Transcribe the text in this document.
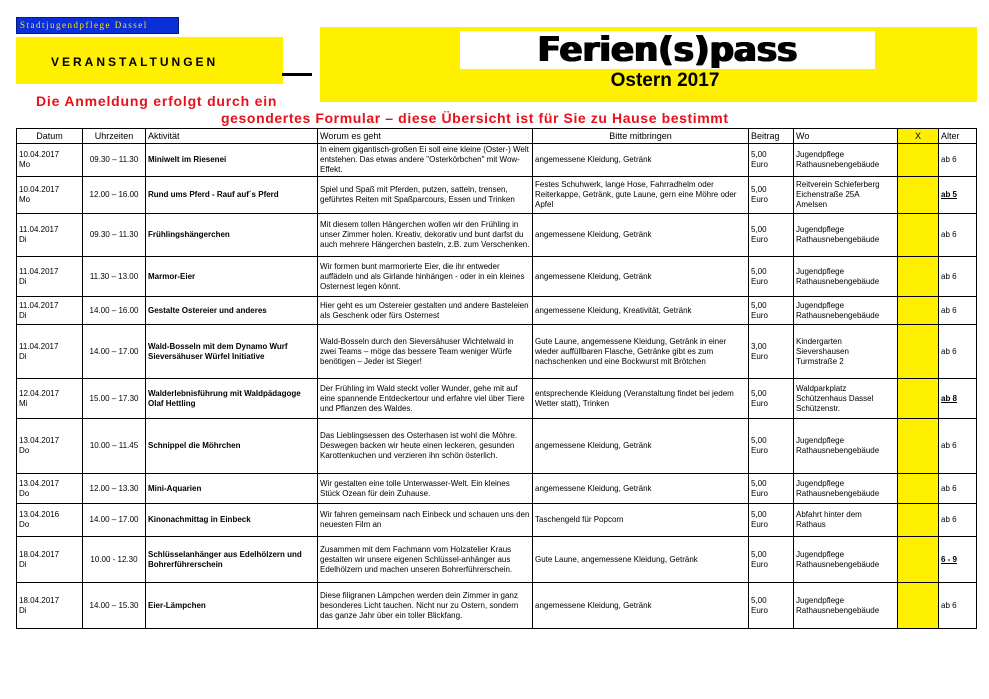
Stadtjugendpflege Dassel
VERANSTALTUNGEN	Ferien(s)pass
Ostern 2017
Die Anmeldung erfolgt durch ein
gesondertes Formular – diese Übersicht ist für Sie zu Hause bestimmt
Datum	Uhrzeiten	Aktivität	Worum es geht	Bitte mitbringen	Beitrag	Wo	X	Alter
10.04.2017
Mo	09.30 – 11.30	Miniwelt im Riesenei	In einem gigantisch-großen Ei soll eine kleine (Oster-) Welt entstehen. Das etwas andere "Osterkörbchen" mit Wow-Effekt.	angemessene Kleidung, Getränk	5,00
Euro	Jugendpflege
Rathausnebengebäude		ab 6
10.04.2017
Mo	12.00 – 16.00	Rund ums Pferd - Rauf auf´s Pferd	Spiel und Spaß mit Pferden, putzen, satteln, trensen, geführtes Reiten mit Spaßparcours, Essen und Trinken	Festes Schuhwerk, lange Hose, Fahrradhelm oder Reiterkappe, Getränk, gute Laune, gern eine Möhre oder Apfel	5,00
Euro	Reitverein Schieferberg
Eichenstraße 25A
Amelsen		ab 5
11.04.2017
Di	09.30 – 11.30	Frühlingshängerchen	Mit diesem tollen Hängerchen wollen wir den Frühling in unser Zimmer holen. Kreativ, dekorativ und bunt darfst du auch mehrere Hängerchen basteln, z.B. zum Verschenken.	angemessene Kleidung, Getränk	5,00
Euro	Jugendpflege
Rathausnebengebäude		ab 6
11.04.2017
Di	11.30 – 13.00	Marmor-Eier	Wir formen bunt marmorierte Eier, die ihr entweder auffädeln und als Girlande hinhängen - oder in ein kleines Osternest legen könnt.	angemessene Kleidung, Getränk	5,00
Euro	Jugendpflege
Rathausnebengebäude		ab 6
11.04.2017
Di	14.00 – 16.00	Gestalte Ostereier und anderes	Hier geht es um Ostereier gestalten und andere Basteleien als Geschenk oder fürs Osternest	angemessene Kleidung, Kreativität, Getränk	5,00
Euro	Jugendpflege
Rathausnebengebäude		ab 6
11.04.2017
Di	14.00 – 17.00	Wald-Bosseln mit dem Dynamo Wurf Sieversähuser Würfel Initiative	Wald-Bosseln durch den Sieversähuser Wichtelwald in zwei Teams – möge das bessere Team weniger Würfe benötigen – Jeder ist Sieger!	Gute Laune, angemessene Kleidung, Getränk in einer wieder auffüllbaren Flasche, Getränke gibt es zum nachschenken und eine Bockwurst mit Brötchen	3,00
Euro	Kindergarten
Sievershausen
Turmstraße 2		ab 6
12.04.2017
Mi	15.00 – 17.30	Walderlebnisführung mit Waldpädagoge Olaf Hettling	Der Frühling im Wald steckt voller Wunder, gehe mit auf eine spannende Entdeckertour und erfahre viel über Tiere und Pflanzen des Waldes.	entsprechende Kleidung (Veranstaltung findet bei jedem Wetter statt), Trinken	5,00
Euro	Waldparkplatz
Schützenhaus Dassel
Schützenstr.		ab 8
13.04.2017
Do	10.00 – 11.45	Schnippel die Möhrchen	Das Lieblingsessen des Osterhasen ist wohl die Möhre. Deswegen backen wir heute einen leckeren, gesunden Karottenkuchen und verzieren ihn schön österlich.	angemessene Kleidung, Getränk	5,00
Euro	Jugendpflege
Rathausnebengebäude		ab 6
13.04.2017
Do	12.00 – 13.30	Mini-Aquarien	Wir gestalten eine tolle Unterwasser-Welt. Ein kleines Stück Ozean für dein Zuhause.	angemessene Kleidung, Getränk	5,00
Euro	Jugendpflege
Rathausnebengebäude		ab 6
13.04.2016
Do	14.00 – 17.00	Kinonachmittag in Einbeck	Wir fahren gemeinsam nach Einbeck und schauen uns den neuesten Film an	Taschengeld für Popcorn	5,00
Euro	Abfahrt hinter dem
Rathaus		ab 6
18.04.2017
Di	10.00 - 12.30	Schlüsselanhänger aus Edelhölzern und Bohrerführerschein	Zusammen mit dem Fachmann vom Holzatelier Kraus gestalten wir unsere eigenen Schlüssel-anhänger aus Edelhölzern und machen unseren Bohrerführerschein.	Gute Laune, angemessene Kleidung, Getränk	5,00
Euro	Jugendpflege
Rathausnebengebäude		6 - 9
18.04.2017
Di	14.00 – 15.30	Eier-Lämpchen	Diese filigranen Lämpchen werden dein Zimmer in ganz besonderes Licht tauchen. Nicht nur zu Ostern, sondern das ganze Jahr über ein toller Blickfang.	angemessene Kleidung, Getränk	5,00
Euro	Jugendpflege
Rathausnebengebäude		ab 6
